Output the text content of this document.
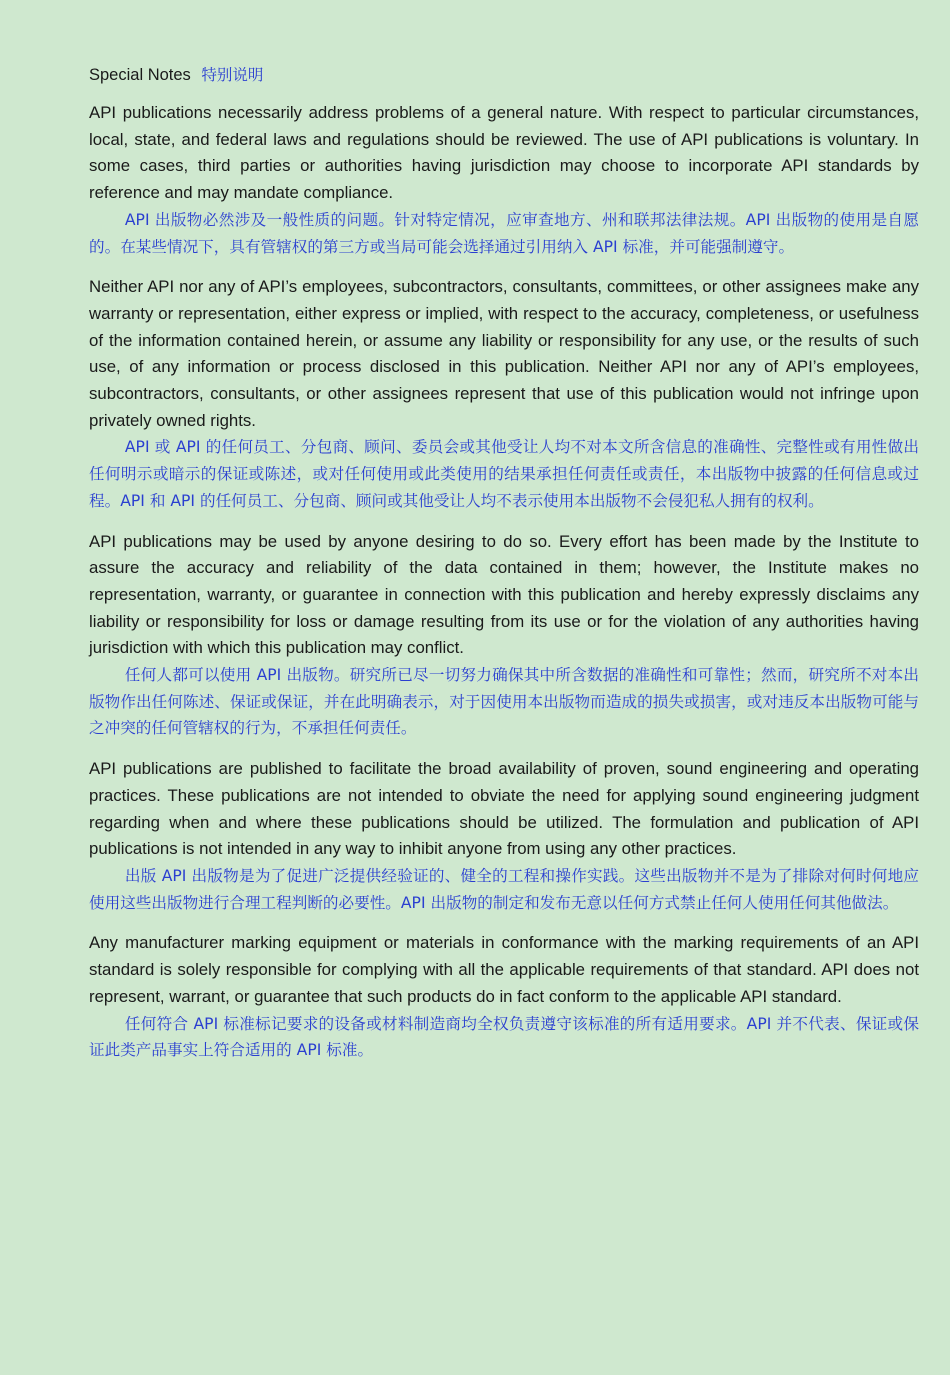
Special Notes 特别说明

API publications necessarily address problems of a general nature. With respect to particular circumstances, local, state, and federal laws and regulations should be reviewed. The use of API publications is voluntary. In some cases, third parties or authorities having jurisdiction may choose to incorporate API standards by reference and may mandate compliance.

API 出版物必然涉及一般性质的问题。针对特定情况，应审查地方、州和联邦法律法规。API 出版物的使用是自愿的。在某些情况下，具有管辖权的第三方或当局可能会选择通过引用纳入 API 标准，并可能强制遵守。

Neither API nor any of API’s employees, subcontractors, consultants, committees, or other assignees make any warranty or representation, either express or implied, with respect to the accuracy, completeness, or usefulness of the information contained herein, or assume any liability or responsibility for any use, or the results of such use, of any information or process disclosed in this publication. Neither API nor any of API’s employees, subcontractors, consultants, or other assignees represent that use of this publication would not infringe upon privately owned rights.

API 或 API 的任何员工、分包商、顾问、委员会或其他受让人均不对本文所含信息的准确性、完整性或有用性做出任何明示或暗示的保证或陈述，或对任何使用或此类使用的结果承担任何责任或责任，本出版物中披露的任何信息或过程。API 和 API 的任何员工、分包商、顾问或其他受让人均不表示使用本出版物不会侵犯私人拥有的权利。

API publications may be used by anyone desiring to do so. Every effort has been made by the Institute to assure the accuracy and reliability of the data contained in them; however, the Institute makes no representation, warranty, or guarantee in connection with this publication and hereby expressly disclaims any liability or responsibility for loss or damage resulting from its use or for the violation of any authorities having jurisdiction with which this publication may conflict.

任何人都可以使用 API 出版物。研究所已尽一切努力确保其中所含数据的准确性和可靠性；然而，研究所不对本出版物作出任何陈述、保证或保证，并在此明确表示，对于因使用本出版物而造成的损失或损害，或对违反本出版物可能与之冲突的任何管辖权的行为，不承担任何责任。

API publications are published to facilitate the broad availability of proven, sound engineering and operating practices. These publications are not intended to obviate the need for applying sound engineering judgment regarding when and where these publications should be utilized. The formulation and publication of API publications is not intended in any way to inhibit anyone from using any other practices.

出版 API 出版物是为了促进广泛提供经验证的、健全的工程和操作实践。这些出版物并不是为了排除对何时何地应使用这些出版物进行合理工程判断的必要性。API 出版物的制定和发布无意以任何方式禁止任何人使用任何其他做法。

Any manufacturer marking equipment or materials in conformance with the marking requirements of an API standard is solely responsible for complying with all the applicable requirements of that standard. API does not represent, warrant, or guarantee that such products do in fact conform to the applicable API standard.

任何符合 API 标准标记要求的设备或材料制造商均全权负责遵守该标准的所有适用要求。API 并不代表、保证或保证此类产品事实上符合适用的 API 标准。
